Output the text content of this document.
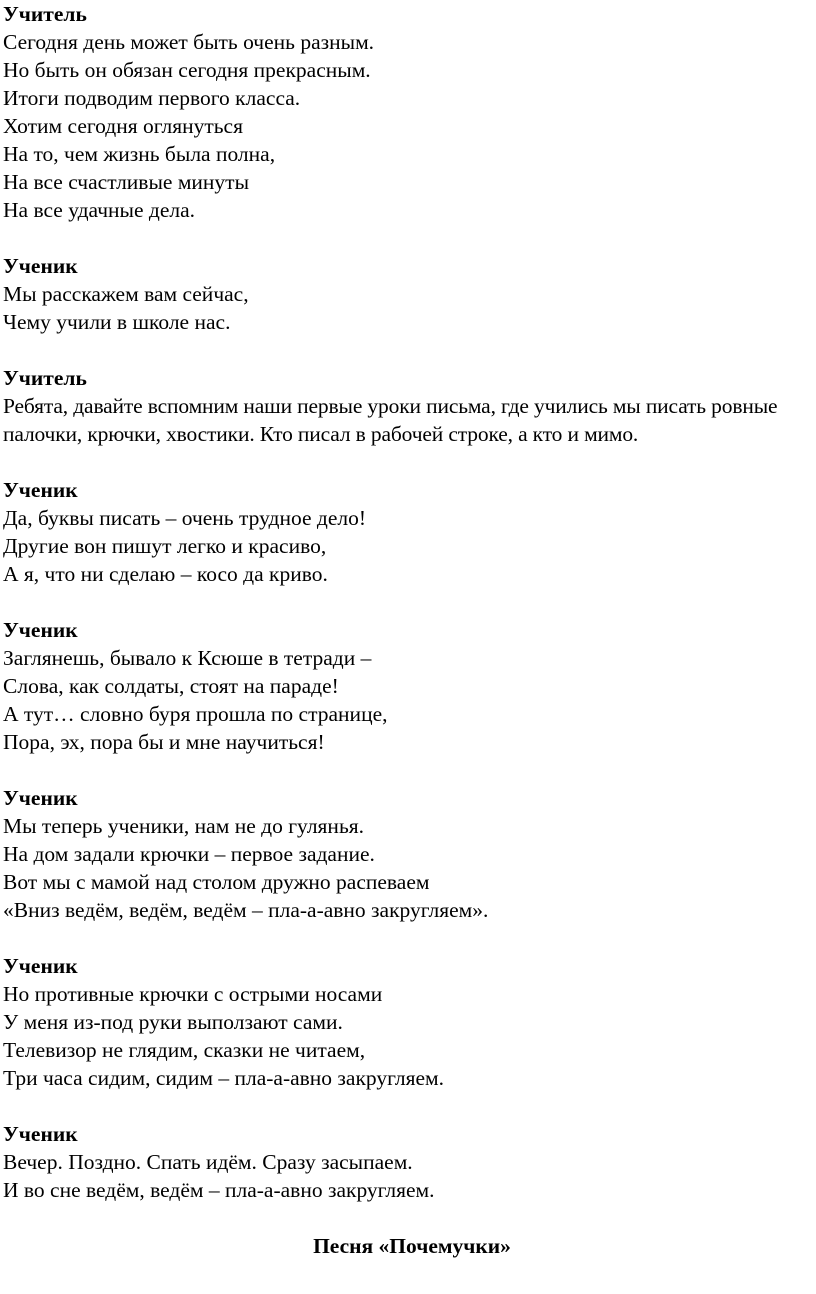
Учитель
Сегодня день может быть очень разным.
Но быть он обязан сегодня прекрасным.
Итоги подводим первого класса.
Хотим сегодня оглянуться
На то, чем жизнь была полна,
На все счастливые минуты
На все удачные дела.
Ученик
Мы расскажем вам сейчас,
Чему учили в школе нас.
Учитель
Ребята, давайте вспомним наши первые уроки письма, где учились мы писать ровные палочки, крючки, хвостики. Кто писал в рабочей строке, а кто и мимо.
Ученик
Да, буквы писать – очень трудное дело!
Другие вон пишут легко и красиво,
А я, что ни сделаю – косо да криво.
Ученик
Заглянешь, бывало к Ксюше в тетради –
Слова, как солдаты, стоят на параде!
А тут… словно буря прошла по странице,
Пора, эх, пора бы и мне научиться!
Ученик
Мы теперь ученики, нам не до гулянья.
На дом задали крючки – первое задание.
Вот мы с мамой над столом дружно распеваем
«Вниз ведём, ведём, ведём – пла-а-авно закругляем».
Ученик
Но противные крючки с острыми носами
У меня из-под руки выползают сами.
Телевизор не глядим, сказки не читаем,
Три часа сидим, сидим – пла-а-авно закругляем.
Ученик
Вечер. Поздно. Спать идём. Сразу засыпаем.
И во сне ведём, ведём – пла-а-авно закругляем.
Песня «Почемучки»
